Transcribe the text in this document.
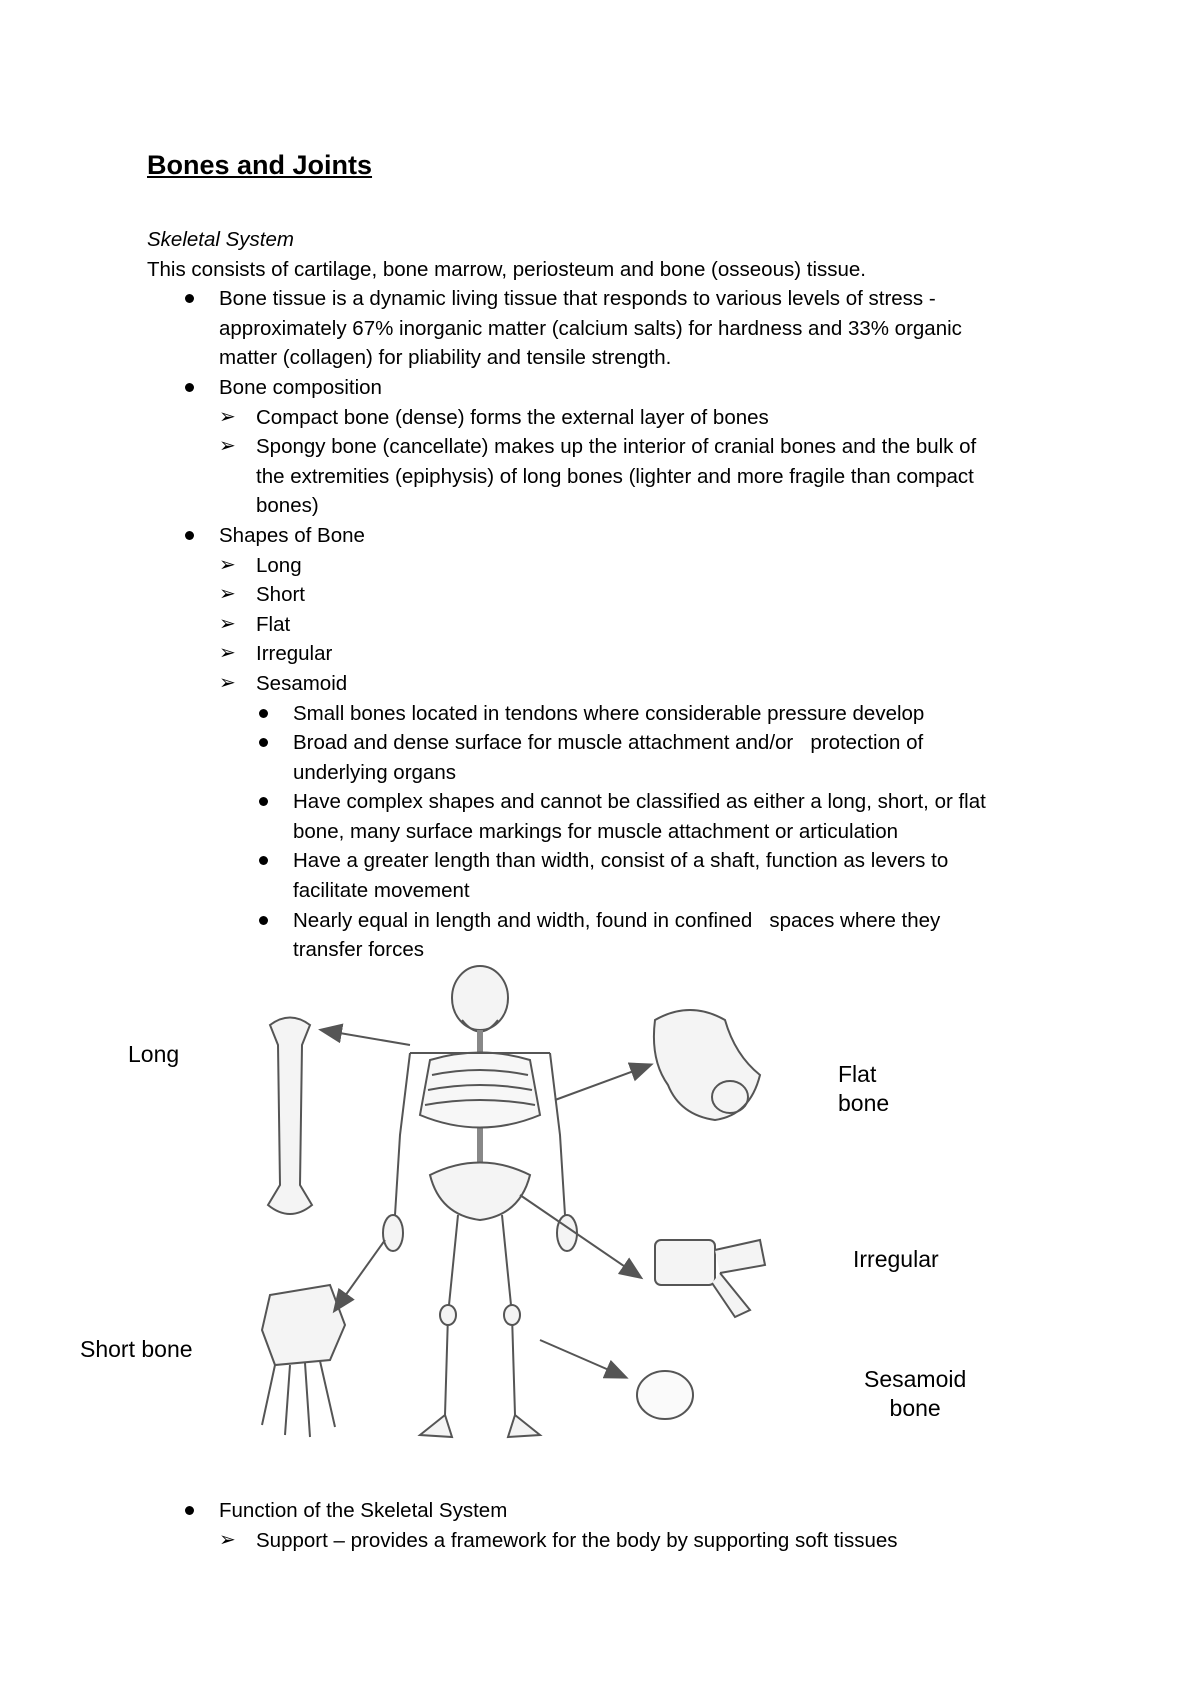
Bones and Joints
Skeletal System
This consists of cartilage, bone marrow, periosteum and bone (osseous) tissue.
Bone tissue is a dynamic living tissue that responds to various levels of stress -
approximately 67% inorganic matter (calcium salts) for hardness and 33% organic
matter (collagen) for pliability and tensile strength.
Bone composition
➢ Compact bone (dense) forms the external layer of bones
➢ Spongy bone (cancellate) makes up the interior of cranial bones and the bulk of
the extremities (epiphysis) of long bones (lighter and more fragile than compact
bones)
Shapes of Bone
➢ Long
➢ Short
➢ Flat
➢ Irregular
➢ Sesamoid
Small bones located in tendons where considerable pressure develop
Broad and dense surface for muscle attachment and/or   protection of
underlying organs
Have complex shapes and cannot be classified as either a long, short, or flat
bone, many surface markings for muscle attachment or articulation
Have a greater length than width, consist of a shaft, function as levers to
facilitate movement
Nearly equal in length and width, found in confined   spaces where they
transfer forces
Long
Flat
bone
Irregular
Short bone
Sesamoid
bone
Function of the Skeletal System
➢ Support – provides a framework for the body by supporting soft tissues
